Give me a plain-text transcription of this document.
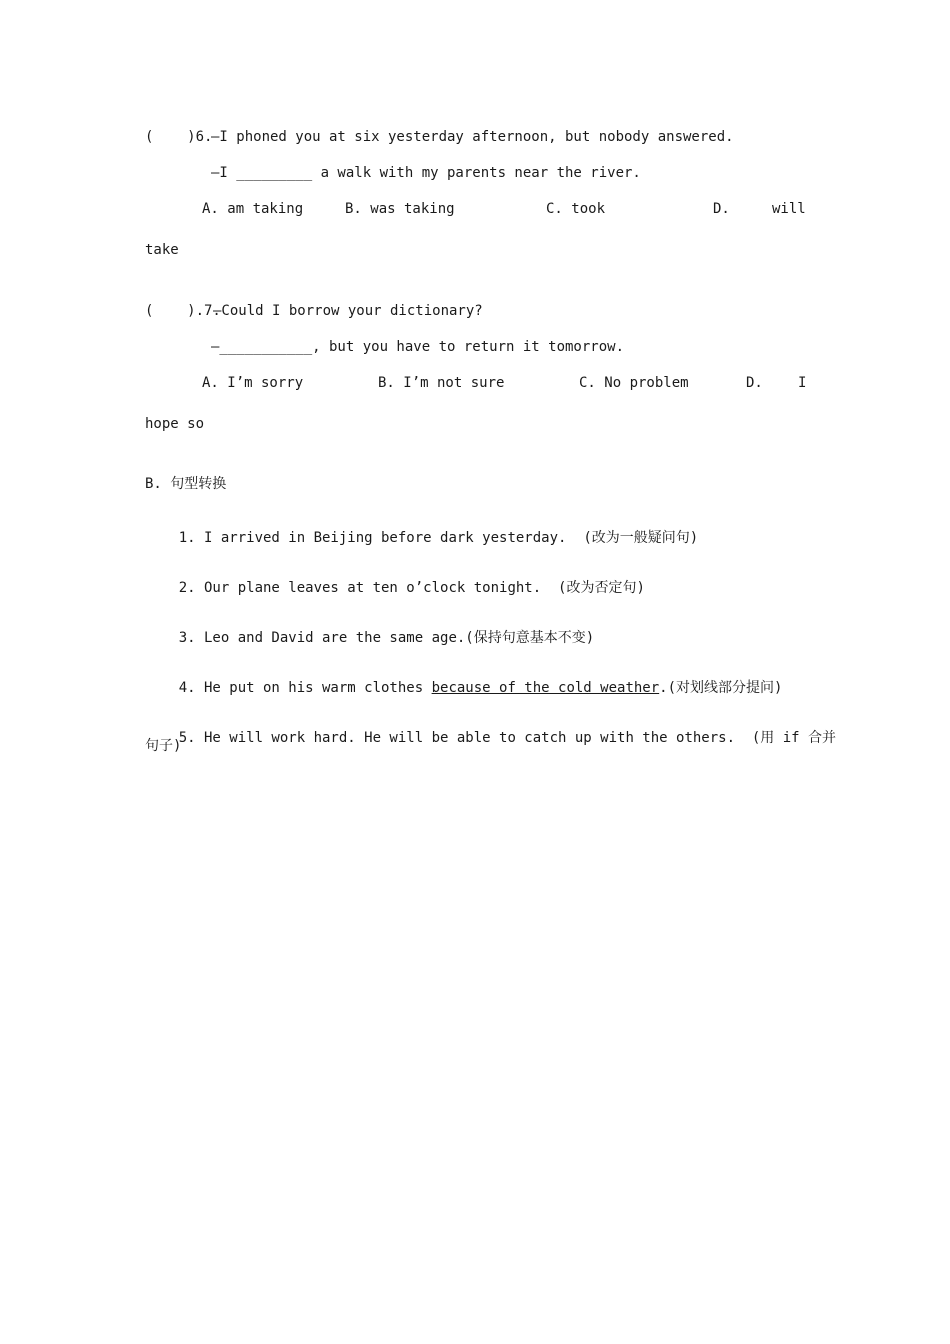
(    )6.
—I phoned you at six yesterday afternoon, but nobody answered.
—I _________ a walk with my parents near the river.
A. am taking	B. was taking	C. took	D.	will
take
(    ).7.
—Could I borrow your dictionary?
—___________, but you have to return it tomorrow.
A. I’m sorry	B. I’m not sure	C. No problem	D.	I
hope so
B. 句型转换

1. I arrived in Beijing before dark yesterday. (改为一般疑问句)

2. Our plane leaves at ten o’clock tonight. (改为否定句)

3. Leo and David are the same age.(保持句意基本不变)

4. He put on his warm clothes because of the cold weather.(对划线部分提问)

5. He will work hard. He will be able to catch up with the others. (用 if 合并

句子)
